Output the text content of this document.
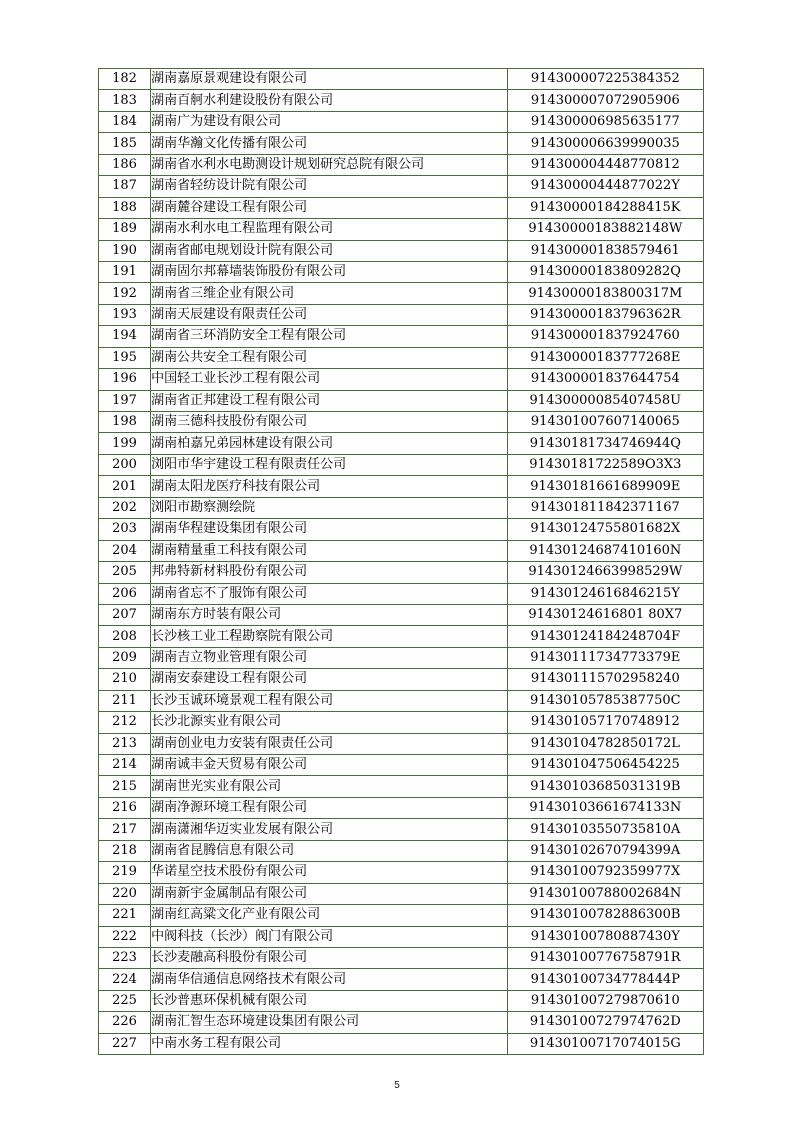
182	湖南嘉原景观建设有限公司	914300007225384352
183	湖南百舸水利建设股份有限公司	914300007072905906
184	湖南广为建设有限公司	914300006985635177
185	湖南华瀚文化传播有限公司	914300006639990035
186	湖南省水利水电勘测设计规划研究总院有限公司	914300004448770812
187	湖南省轻纺设计院有限公司	91430000444877022Y
188	湖南麓谷建设工程有限公司	91430000184288415K
189	湖南水利水电工程监理有限公司	91430000183882148W
190	湖南省邮电规划设计院有限公司	914300001838579461
191	湖南固尔邦幕墙装饰股份有限公司	91430000183809282Q
192	湖南省三维企业有限公司	91430000183800317M
193	湖南天辰建设有限责任公司	91430000183796362R
194	湖南省三环消防安全工程有限公司	914300001837924760
195	湖南公共安全工程有限公司	91430000183777268E
196	中国轻工业长沙工程有限公司	914300001837644754
197	湖南省正邦建设工程有限公司	91430000085407458U
198	湖南三德科技股份有限公司	914301007607140065
199	湖南柏嘉兄弟园林建设有限公司	91430181734746944Q
200	浏阳市华宇建设工程有限责任公司	91430181722589O3X3
201	湖南太阳龙医疗科技有限公司	91430181661689909E
202	浏阳市勘察测绘院	914301811842371167
203	湖南华程建设集团有限公司	91430124755801682X
204	湖南精量重工科技有限公司	91430124687410160N
205	邦弗特新材料股份有限公司	91430124663998529W
206	湖南省忘不了服饰有限公司	91430124616846215Y
207	湖南东方时装有限公司	91430124616801 80X7
208	长沙核工业工程勘察院有限公司	91430124184248704F
209	湖南吉立物业管理有限公司	91430111734773379E
210	湖南安泰建设工程有限公司	914301115702958240
211	长沙玉诚环境景观工程有限公司	91430105785387750C
212	长沙北源实业有限公司	914301057170748912
213	湖南创业电力安装有限责任公司	91430104782850172L
214	湖南诚丰金天贸易有限公司	914301047506454225
215	湖南世光实业有限公司	91430103685031319B
216	湖南净源环境工程有限公司	91430103661674133N
217	湖南潇湘华迈实业发展有限公司	91430103550735810A
218	湖南省昆腾信息有限公司	91430102670794399A
219	华诺星空技术股份有限公司	91430100792359977X
220	湖南新宇金属制品有限公司	91430100788002684N
221	湖南红高粱文化产业有限公司	91430100782886300B
222	中阀科技（长沙）阀门有限公司	91430100780887430Y
223	长沙麦融高科股份有限公司	91430100776758791R
224	湖南华信通信息网络技术有限公司	91430100734778444P
225	长沙普惠环保机械有限公司	914301007279870610
226	湖南汇智生态环境建设集团有限公司	91430100727974762D
227	中南水务工程有限公司	91430100717074015G
5
